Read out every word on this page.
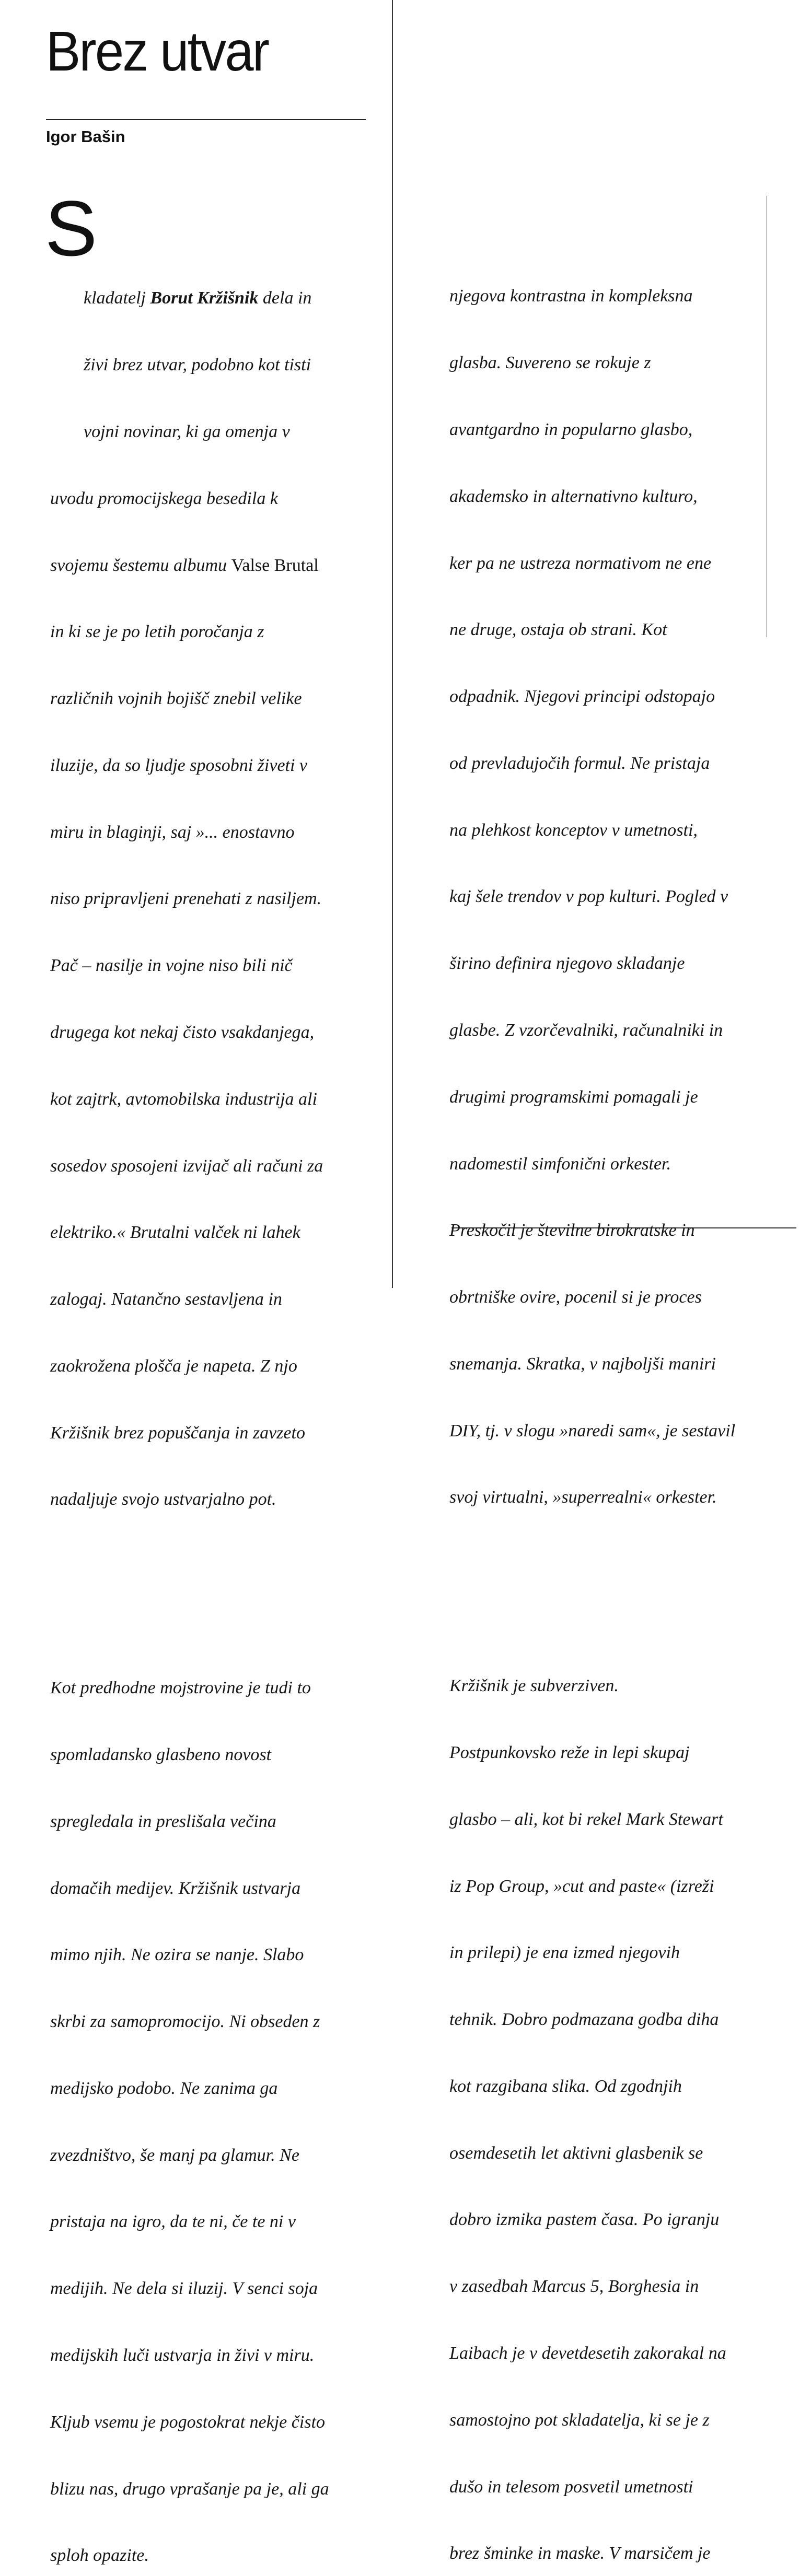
Brez utvar
Igor Bašin
S

kladatelj Borut Kržišnik dela in

živi brez utvar, podobno kot tisti

vojni novinar, ki ga omenja v

uvodu promocijskega besedila k

svojemu šestemu albumu Valse Brutal

in ki se je po letih poročanja z

različnih vojnih bojišč znebil velike

iluzije, da so ljudje sposobni živeti v

miru in blaginji, saj »... enostavno

niso pripravljeni prenehati z nasiljem.

Pač – nasilje in vojne niso bili nič

drugega kot nekaj čisto vsakdanjega,

kot zajtrk, avtomobilska industrija ali

sosedov sposojeni izvijač ali računi za

elektriko.« Brutalni valček ni lahek

zalogaj. Natančno sestavljena in

zaokrožena plošča je napeta. Z njo

Kržišnik brez popuščanja in zavzeto

nadaljuje svojo ustvarjalno pot.

Kot predhodne mojstrovine je tudi to

spomladansko glasbeno novost

spregledala in preslišala večina

domačih medijev. Kržišnik ustvarja

mimo njih. Ne ozira se nanje. Slabo

skrbi za samopromocijo. Ni obseden z

medijsko podobo. Ne zanima ga

zvezdništvo, še manj pa glamur. Ne

pristaja na igro, da te ni, če te ni v

medijih. Ne dela si iluzij. V senci soja

medijskih luči ustvarja in živi v miru.

Kljub vsemu je pogostokrat nekje čisto

blizu nas, drugo vprašanje pa je, ali ga

sploh opazite.

njegova kontrastna in kompleksna

glasba. Suvereno se rokuje z

avantgardno in popularno glasbo,

akademsko in alternativno kulturo,

ker pa ne ustreza normativom ne ene

ne druge, ostaja ob strani. Kot

odpadnik. Njegovi principi odstopajo

od prevladujočih formul. Ne pristaja

na plehkost konceptov v umetnosti,

kaj šele trendov v pop kulturi. Pogled v

širino definira njegovo skladanje

glasbe. Z vzorčevalniki, računalniki in

drugimi programskimi pomagali je

nadomestil simfonični orkester.

Preskočil je številne birokratske in

obrtniške ovire, pocenil si je proces

snemanja. Skratka, v najboljši maniri

DIY, tj. v slogu »naredi sam«, je sestavil

svoj virtualni, »superrealni« orkester.

Kržišnik je subverziven.

Postpunkovsko reže in lepi skupaj

glasbo – ali, kot bi rekel Mark Stewart

iz Pop Group, »cut and paste« (izreži

in prilepi) je ena izmed njegovih

tehnik. Dobro podmazana godba diha

kot razgibana slika. Od zgodnjih

osemdesetih let aktivni glasbenik se

dobro izmika pastem časa. Po igranju

v zasedbah Marcus 5, Borghesia in

Laibach je v devetdesetih zakorakal na

samostojno pot skladatelja, ki se je z

dušo in telesom posvetil umetnosti

brez šminke in maske. V marsičem je
